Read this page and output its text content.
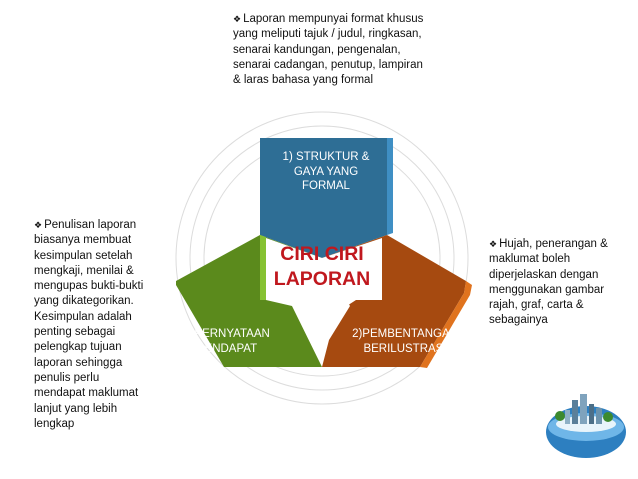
❖ Laporan mempunyai format khusus
yang meliputi tajuk / judul, ringkasan,
senarai kandungan, pengenalan,
senarai cadangan, penutup, lampiran
& laras bahasa yang formal
❖ Penulisan laporan
biasanya membuat
kesimpulan setelah
mengkaji, menilai &
mengupas bukti-bukti
yang dikategorikan.
Kesimpulan adalah
penting sebagai
pelengkap tujuan
laporan sehingga
penulis perlu
mendapat maklumat
lanjut yang lebih
lengkap
❖ Hujah, penerangan &
maklumat boleh
diperjelaskan dengan
menggunakan gambar
rajah, graf, carta &
sebagainya
1) STRUKTUR &
GAYA YANG
FORMAL
3)PERNYATAAN
PENDAPAT
2)PEMBENTANGAN
BERILUSTRASI
CIRI CIRI
LAPORAN
